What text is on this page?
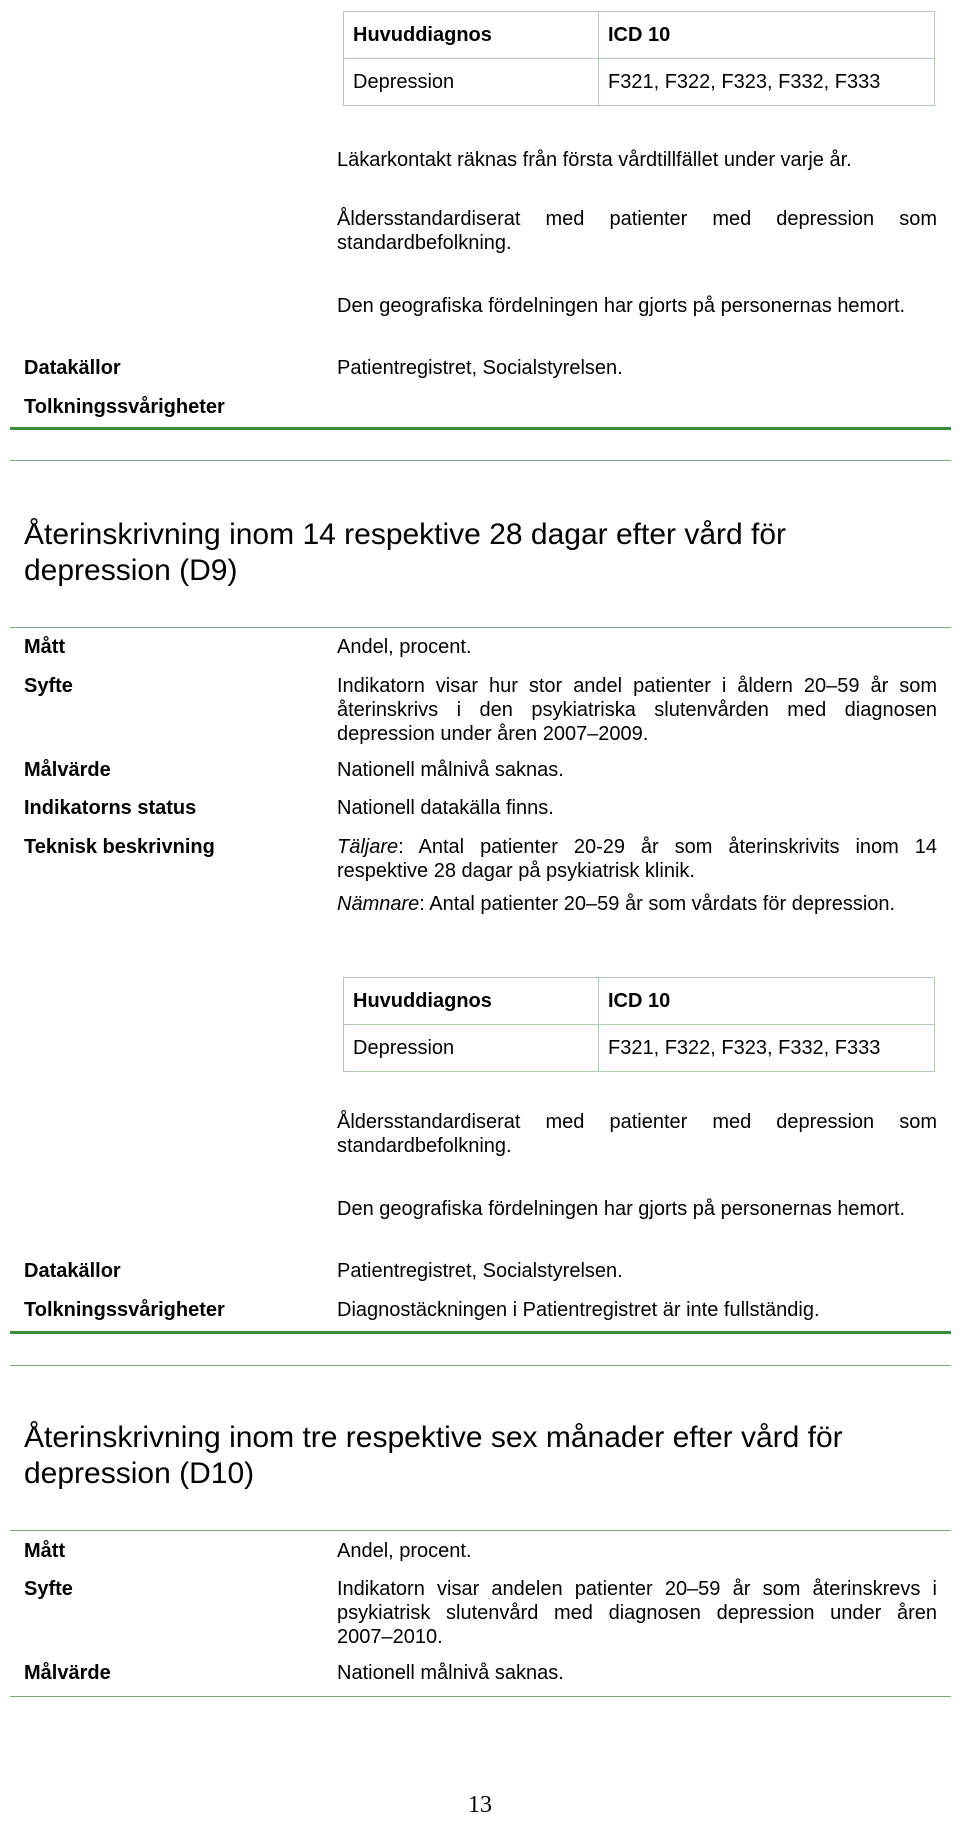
Huvuddiagnos	ICD 10
Depression	F321, F322, F323, F332, F333
Läkarkontakt räknas från första vårdtillfället under varje år.
Åldersstandardiserat med patienter med depression som standardbefolkning.
Den geografiska fördelningen har gjorts på personernas hemort.
Datakällor	Patientregistret, Socialstyrelsen.
Tolkningssvårigheter
Återinskrivning inom 14 respektive 28 dagar efter vård för depression (D9)
Mått	Andel, procent.
Syfte	Indikatorn visar hur stor andel patienter i åldern 20–59 år som återinskrivs i den psykiatriska slutenvården med diagnosen depression under åren 2007–2009.
Målvärde	Nationell målnivå saknas.
Indikatorns status	Nationell datakälla finns.
Teknisk beskrivning	Täljare: Antal patienter 20-29 år som återinskrivits inom 14 respektive 28 dagar på psykiatrisk klinik.
Nämnare: Antal patienter 20–59 år som vårdats för depression.
Huvuddiagnos	ICD 10
Depression	F321, F322, F323, F332, F333
Åldersstandardiserat med patienter med depression som standardbefolkning.
Den geografiska fördelningen har gjorts på personernas hemort.
Datakällor	Patientregistret, Socialstyrelsen.
Tolkningssvårigheter	Diagnostäckningen i Patientregistret är inte fullständig.
Återinskrivning inom tre respektive sex månader efter vård för depression (D10)
Mått	Andel, procent.
Syfte	Indikatorn visar andelen patienter 20–59 år som återinskrevs i psykiatrisk slutenvård med diagnosen depression under åren 2007–2010.
Målvärde	Nationell målnivå saknas.
13
